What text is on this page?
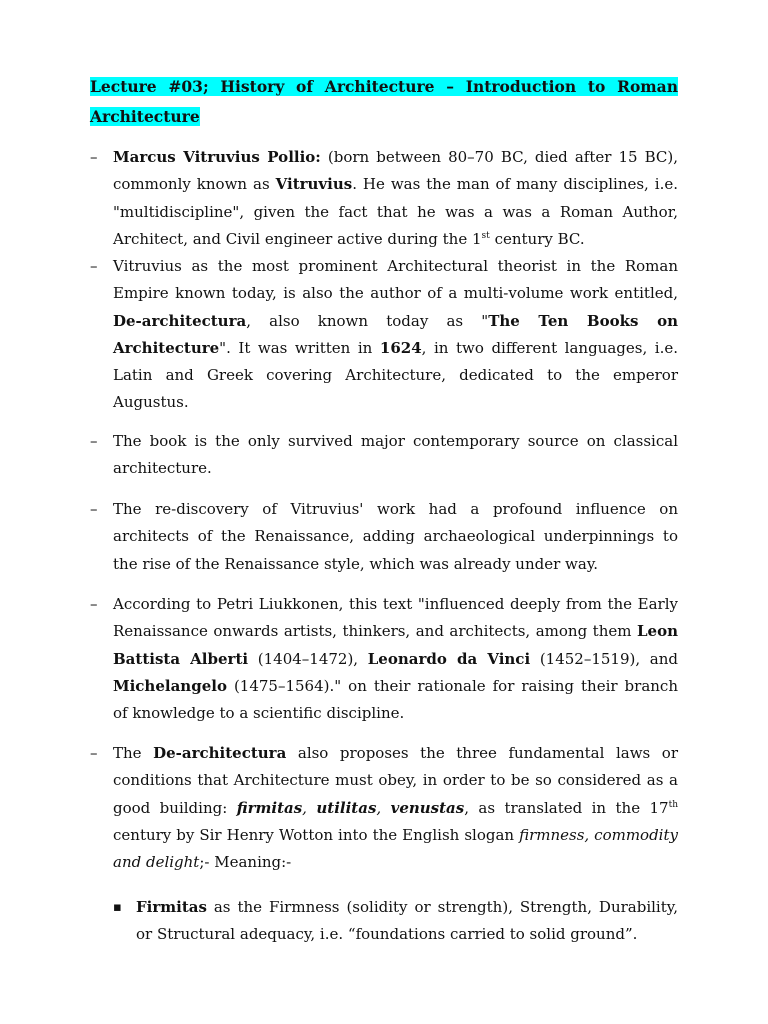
Lecture #03; History of Architecture – Introduction to Roman
Architecture
–	Marcus Vitruvius Pollio: (born between 80–70 BC, died after 15 BC), commonly known as Vitruvius. He was the man of many disciplines, i.e. "multidiscipline", given the fact that he was a was a Roman Author, Architect, and Civil engineer active during the 1st century BC.
–	Vitruvius as the most prominent Architectural theorist in the Roman Empire known today, is also the author of a multi-volume work entitled, De-architectura, also known today as "The Ten Books on Architecture". It was written in 1624, in two different languages, i.e. Latin and Greek covering Architecture, dedicated to the emperor Augustus.
–	The book is the only survived major contemporary source on classical architecture.
–	The re-discovery of Vitruvius' work had a profound influence on architects of the Renaissance, adding archaeological underpinnings to the rise of the Renaissance style, which was already under way.
–	According to Petri Liukkonen, this text "influenced deeply from the Early Renaissance onwards artists, thinkers, and architects, among them Leon Battista Alberti (1404–1472), Leonardo da Vinci (1452–1519), and Michelangelo (1475–1564)." on their rationale for raising their branch of knowledge to a scientific discipline.
–	The De-architectura also proposes the three fundamental laws or conditions that Architecture must obey, in order to be so considered as a good building: firmitas, utilitas, venustas, as translated in the 17th century by Sir Henry Wotton into the English slogan firmness, commodity and delight;- Meaning:-
▪ Firmitas as the Firmness (solidity or strength), Strength, Durability, or Structural adequacy, i.e. “foundations carried to solid ground”.
